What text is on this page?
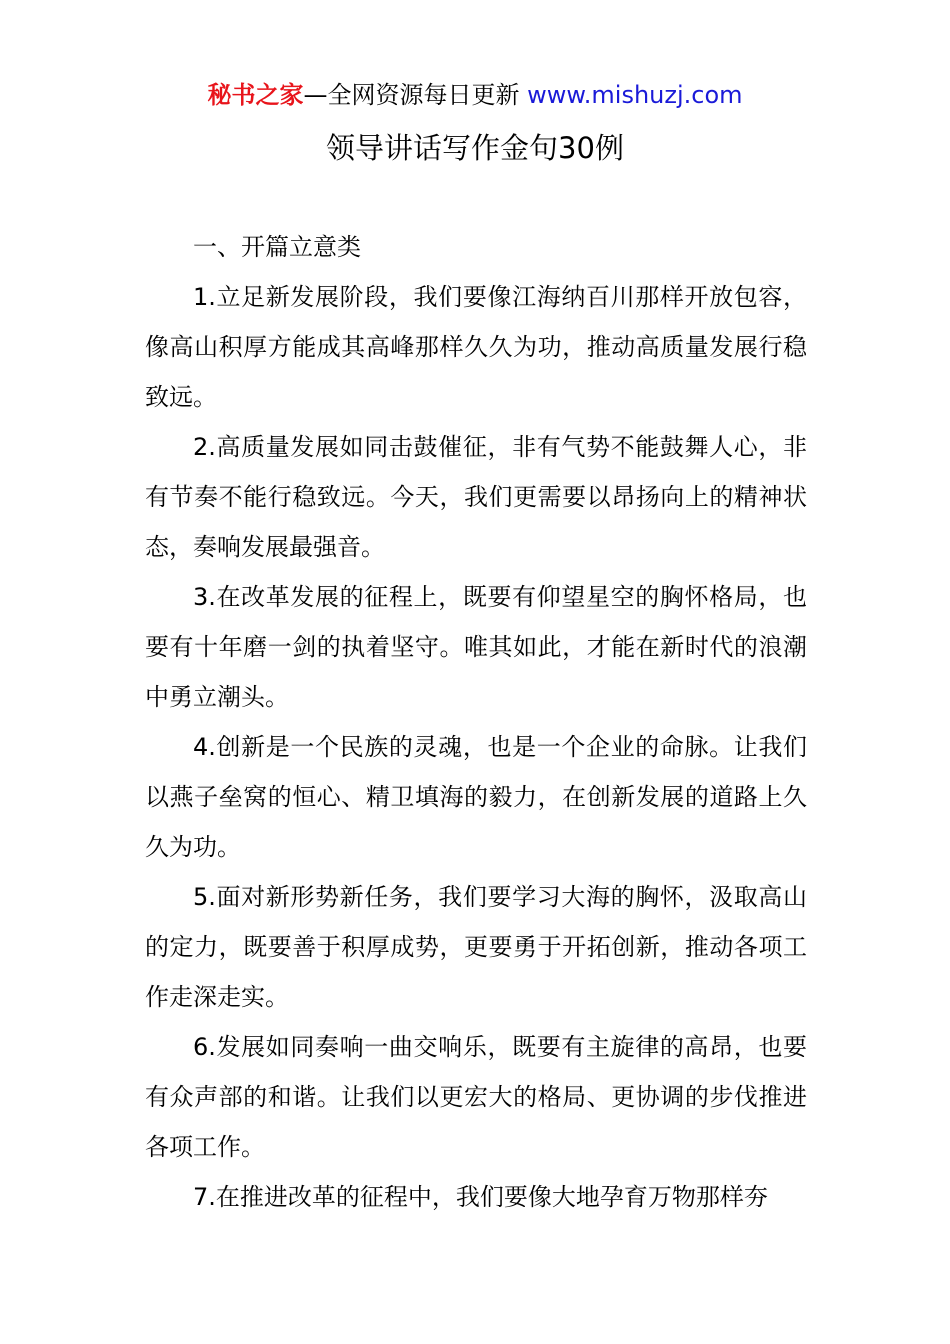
秘书之家—全网资源每日更新 www.mishuzj.com
领导讲话写作金句30例

一、开篇立意类

1.立足新发展阶段，我们要像江海纳百川那样开放包容，像高山积厚方能成其高峰那样久久为功，推动高质量发展行稳致远。

2.高质量发展如同击鼓催征，非有气势不能鼓舞人心，非有节奏不能行稳致远。今天，我们更需要以昂扬向上的精神状态，奏响发展最强音。

3.在改革发展的征程上，既要有仰望星空的胸怀格局，也要有十年磨一剑的执着坚守。唯其如此，才能在新时代的浪潮中勇立潮头。

4.创新是一个民族的灵魂，也是一个企业的命脉。让我们以燕子垒窝的恒心、精卫填海的毅力，在创新发展的道路上久久为功。

5.面对新形势新任务，我们要学习大海的胸怀，汲取高山的定力，既要善于积厚成势，更要勇于开拓创新，推动各项工作走深走实。

6.发展如同奏响一曲交响乐，既要有主旋律的高昂，也要有众声部的和谐。让我们以更宏大的格局、更协调的步伐推进各项工作。

7.在推进改革的征程中，我们要像大地孕育万物那样夯
